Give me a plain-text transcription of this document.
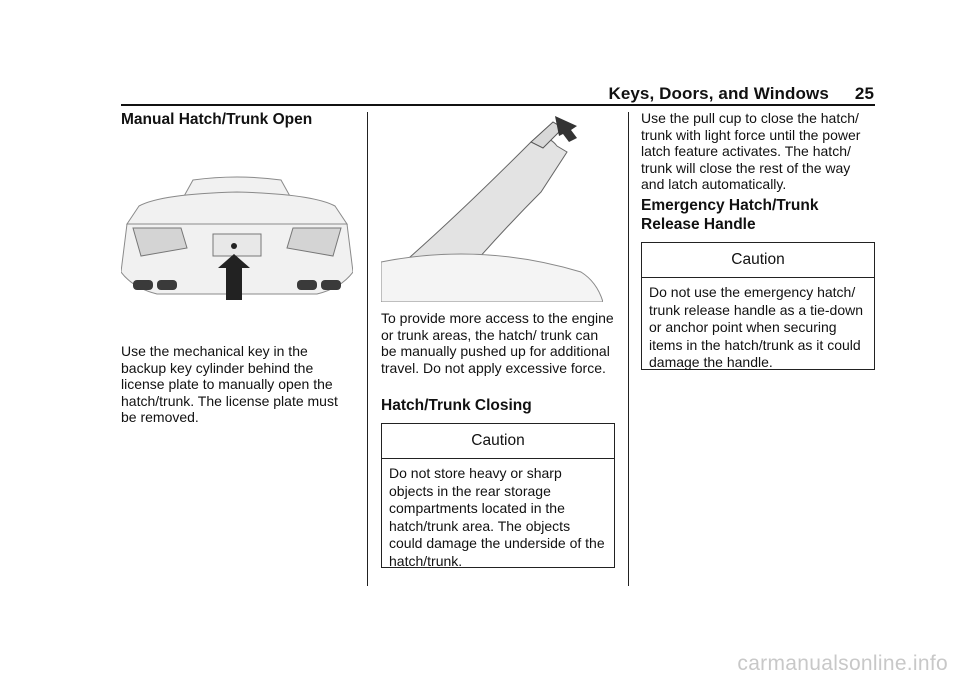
Keys, Doors, and Windows 25
Manual Hatch/Trunk Open

Use the mechanical key in the backup key cylinder behind the license plate to manually open the hatch/trunk. The license plate must be removed.

To provide more access to the engine or trunk areas, the hatch/ trunk can be manually pushed up for additional travel. Do not apply excessive force.

Hatch/Trunk Closing
Caution
Do not store heavy or sharp objects in the rear storage compartments located in the hatch/trunk area. The objects could damage the underside of the hatch/trunk.

Use the pull cup to close the hatch/ trunk with light force until the power latch feature activates. The hatch/ trunk will close the rest of the way and latch automatically.

Emergency Hatch/Trunk Release Handle
Caution
Do not use the emergency hatch/ trunk release handle as a tie-down or anchor point when securing items in the hatch/trunk as it could damage the handle.
carmanualsonline.info
